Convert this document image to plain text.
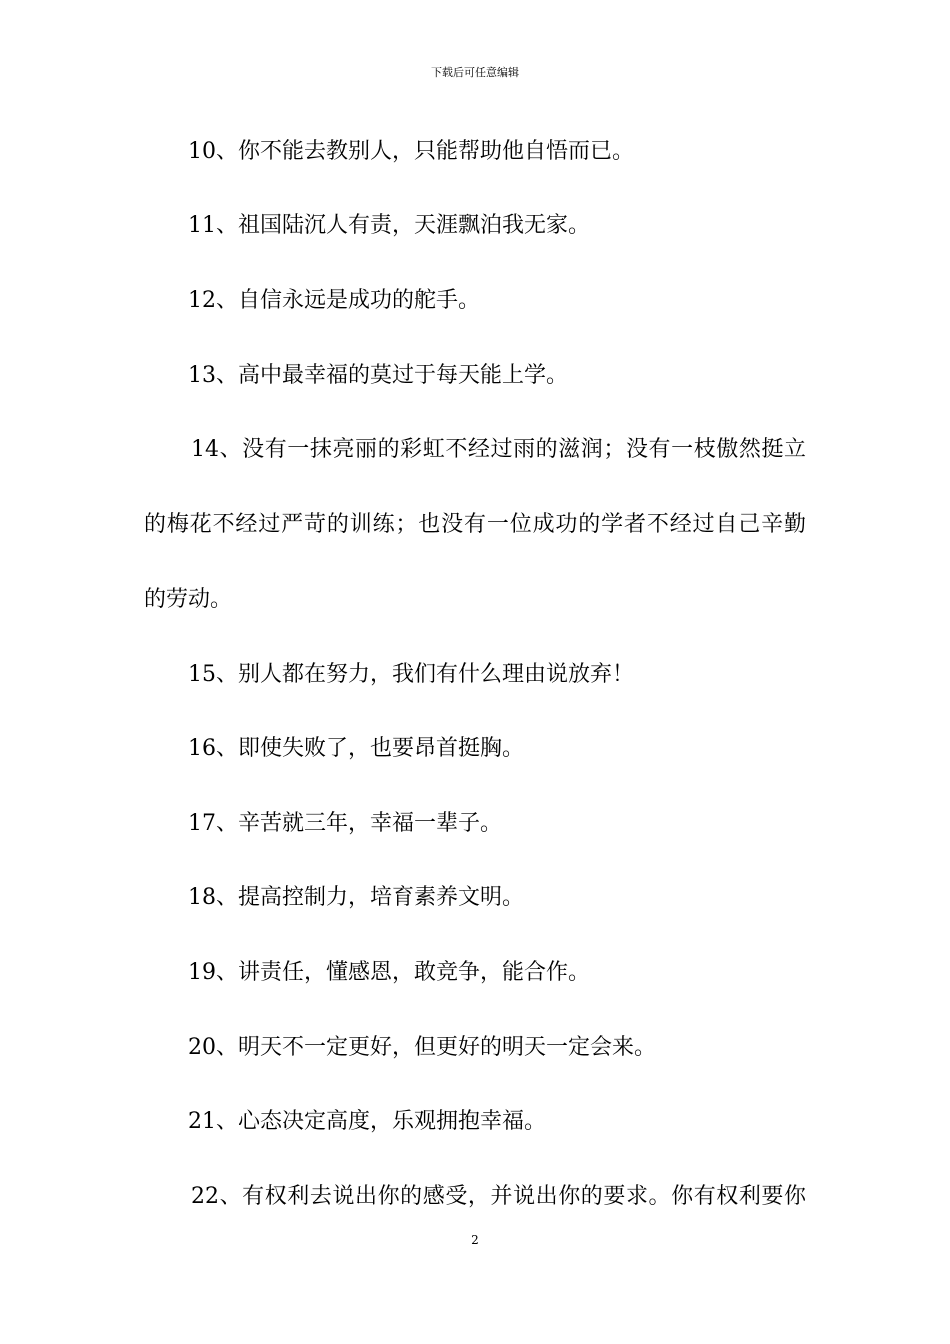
下载后可任意编辑
10、你不能去教别人，只能帮助他自悟而已。
11、祖国陆沉人有责，天涯飘泊我无家。
12、自信永远是成功的舵手。
13、高中最幸福的莫过于每天能上学。
14、没有一抹亮丽的彩虹不经过雨的滋润；没有一枝傲然挺立
的梅花不经过严苛的训练；也没有一位成功的学者不经过自己辛勤
的劳动。
15、别人都在努力，我们有什么理由说放弃！
16、即使失败了，也要昂首挺胸。
17、辛苦就三年，幸福一辈子。
18、提高控制力，培育素养文明。
19、讲责任，懂感恩，敢竞争，能合作。
20、明天不一定更好，但更好的明天一定会来。
21、心态决定高度，乐观拥抱幸福。
22、有权利去说出你的感受，并说出你的要求。你有权利要你
2
